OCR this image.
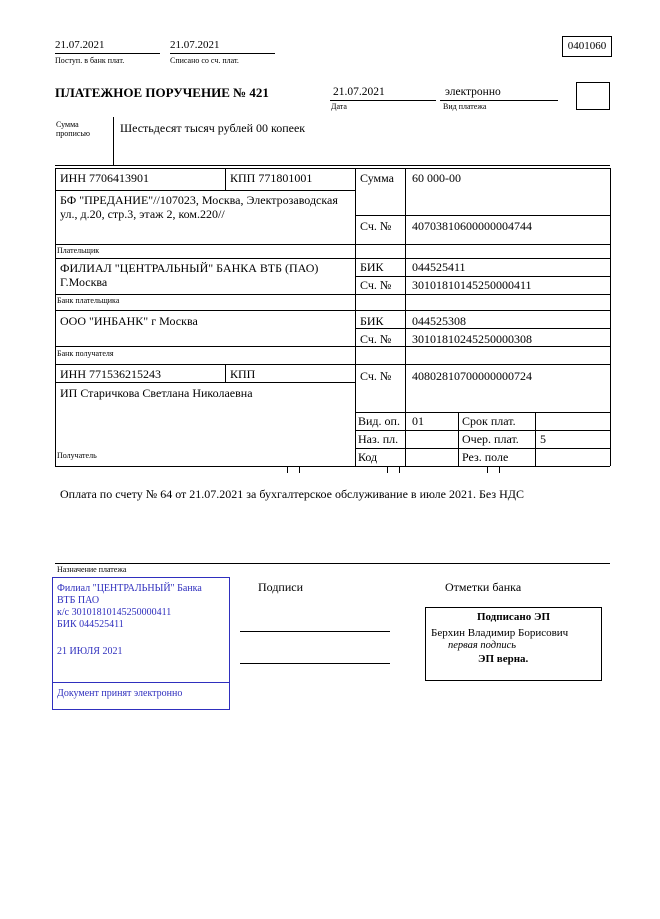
21.07.2021
Поступ. в банк плат.
21.07.2021
Списано со сч. плат.
0401060
ПЛАТЕЖНОЕ ПОРУЧЕНИЕ № 421	21.07.2021
Дата
электронно
Вид платежа
Сумма прописью	Шестьдесят тысяч рублей 00 копеек
ИНН 7706413901	КПП 771801001	Сумма 60 000-00
БФ "ПРЕДАНИЕ"//107023, Москва, Электрозаводская ул., д.20, стр.3, этаж 2, ком.220//
Сч. № 40703810600000004744
Плательщик
ФИЛИАЛ "ЦЕНТРАЛЬНЫЙ" БАНКА ВТБ (ПАО) Г.Москва
БИК 044525411
Сч. № 30101810145250000411
Банк плательщика
ООО "ИНБАНК" г Москва	БИК 044525308
Сч. № 30101810245250000308
Банк получателя
ИНН 771536215243	КПП	Сч. № 40802810700000000724
ИП Старичкова Светлана Николаевна
Получатель
Вид. оп. 01	Срок плат.
Наз. пл.	Очер. плат. 5
Код	Рез. поле
Оплата по счету № 64 от 21.07.2021 за бухгалтерское обслуживание в июле 2021. Без НДС
Назначение платежа
Филиал "ЦЕНТРАЛЬНЫЙ" Банка
ВТБ ПАО
к/с 30101810145250000411
БИК 044525411
21 ИЮЛЯ 2021
Документ принят электронно
Подписи	Отметки банка
Подписано ЭП
Берхин Владимир Борисович
первая подпись
ЭП верна.
